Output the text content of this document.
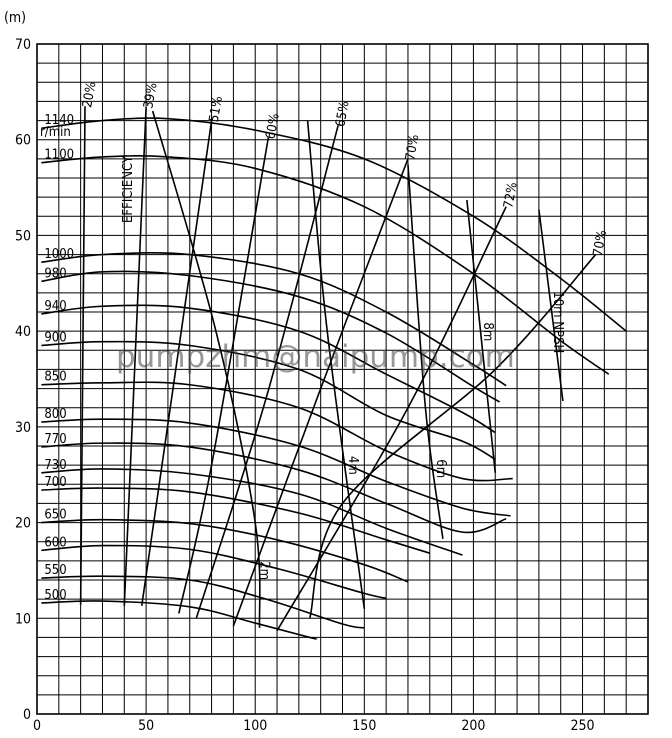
1140
1100
1000
980
940
900
850
800
770
730
700
650
600
550
500
20%	39%	51%
60%	65%
70%
72%
70%
2m
4m	6m
8m	10m NPSH
0
10
20
30
40
50
60
70
0	50	100	150	200	250
(m)
r/min
EFFICIENCY
pumpzhm@naipump.com
